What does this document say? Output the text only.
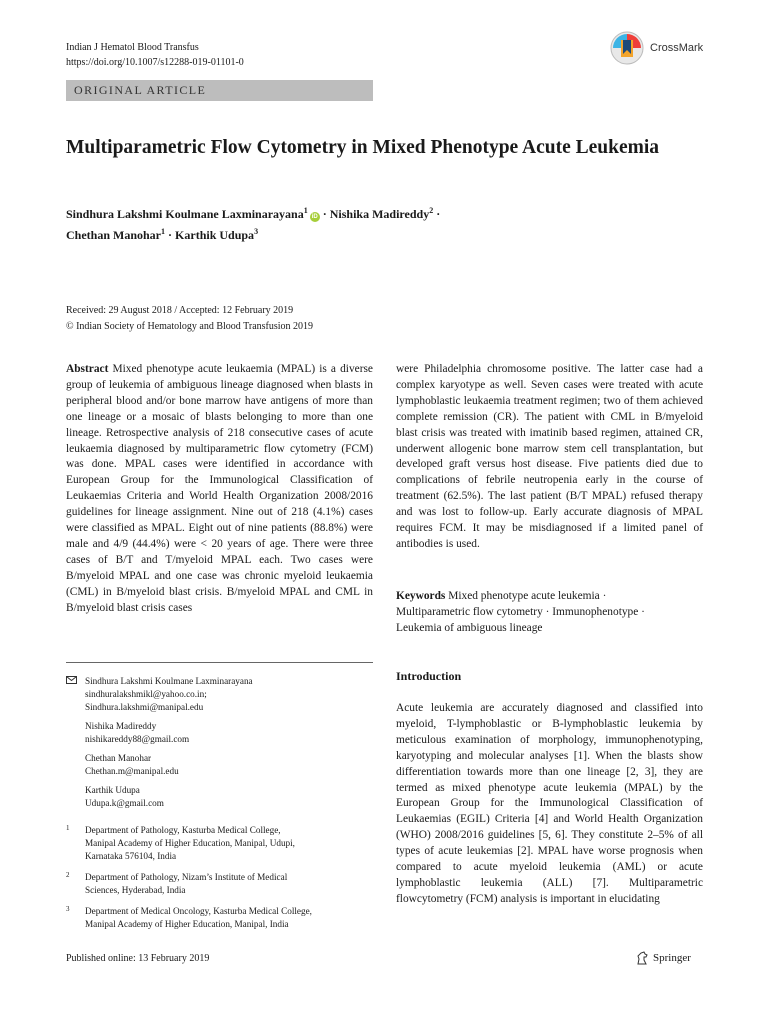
Indian J Hematol Blood Transfus
https://doi.org/10.1007/s12288-019-01101-0
CrossMark
ORIGINAL ARTICLE
Multiparametric Flow Cytometry in Mixed Phenotype Acute Leukemia
Sindhura Lakshmi Koulmane Laxminarayana$^1$iD · Nishika Madireddy$^2$ ·
Chethan Manohar$^1$ · Karthik Udupa$^3$
Received: 29 August 2018 / Accepted: 12 February 2019
© Indian Society of Hematology and Blood Transfusion 2019
Abstract Mixed phenotype acute leukaemia (MPAL) is a diverse group of leukemia of ambiguous lineage diagnosed when blasts in peripheral blood and/or bone marrow have antigens of more than one lineage or a mosaic of blasts belonging to more than one lineage. Retrospective analysis of 218 consecutive cases of acute leukaemia diagnosed by multiparametric flow cytometry (FCM) was done. MPAL cases were identified in accordance with European Group for the Immunological Classification of Leukaemias Criteria and World Health Organization 2008/2016 guidelines for lineage assignment. Nine out of 218 (4.1%) cases were classified as MPAL. Eight out of nine patients (88.8%) were male and 4/9 (44.4%) were < 20 years of age. There were three cases of B/T and T/myeloid MPAL each. Two cases were B/myeloid MPAL and one case was chronic myeloid leukaemia (CML) in B/myeloid blast crisis. B/myeloid MPAL and CML in B/myeloid blast crisis cases
were Philadelphia chromosome positive. The latter case had a complex karyotype as well. Seven cases were treated with acute lymphoblastic leukaemia treatment regimen; two of them achieved complete remission (CR). The patient with CML in B/myeloid blast crisis was treated with imatinib based regimen, attained CR, underwent allogenic bone marrow stem cell transplantation, but developed graft versus host disease. Five patients died due to complications of febrile neutropenia early in the course of treatment (62.5%). The last patient (B/T MPAL) refused therapy and was lost to follow-up. Early accurate diagnosis of MPAL requires FCM. It may be misdiagnosed if a limited panel of antibodies is used.
Keywords Mixed phenotype acute leukemia ·
Multiparametric flow cytometry · Immunophenotype ·
Leukemia of ambiguous lineage
Sindhura Lakshmi Koulmane Laxminarayana
sindhuralakshmikl@yahoo.co.in;
Sindhura.lakshmi@manipal.edu
Nishika Madireddy
nishikareddy88@gmail.com
Chethan Manohar
Chethan.m@manipal.edu
Karthik Udupa
Udupa.k@gmail.com
1 Department of Pathology, Kasturba Medical College,
Manipal Academy of Higher Education, Manipal, Udupi,
Karnataka 576104, India
2 Department of Pathology, Nizam’s Institute of Medical
Sciences, Hyderabad, India
3 Department of Medical Oncology, Kasturba Medical College,
Manipal Academy of Higher Education, Manipal, India
Introduction
Acute leukemia are accurately diagnosed and classified into myeloid, T-lymphoblastic or B-lymphoblastic leukemia by meticulous examination of morphology, immunophenotyping, karyotyping and molecular analyses [1]. When the blasts show differentiation towards more than one lineage [2, 3], they are termed as mixed phenotype acute leukemia (MPAL) by the European Group for the Immunological Classification of Leukaemias (EGIL) Criteria [4] and World Health Organization (WHO) 2008/2016 guidelines [5, 6]. They constitute 2–5% of all types of acute leukemias [2]. MPAL have worse prognosis when compared to acute myeloid leukemia (AML) or acute lymphoblastic leukemia (ALL) [7]. Multiparametric flowcytometry (FCM) analysis is important in elucidating
Published online: 13 February 2019	Springer
